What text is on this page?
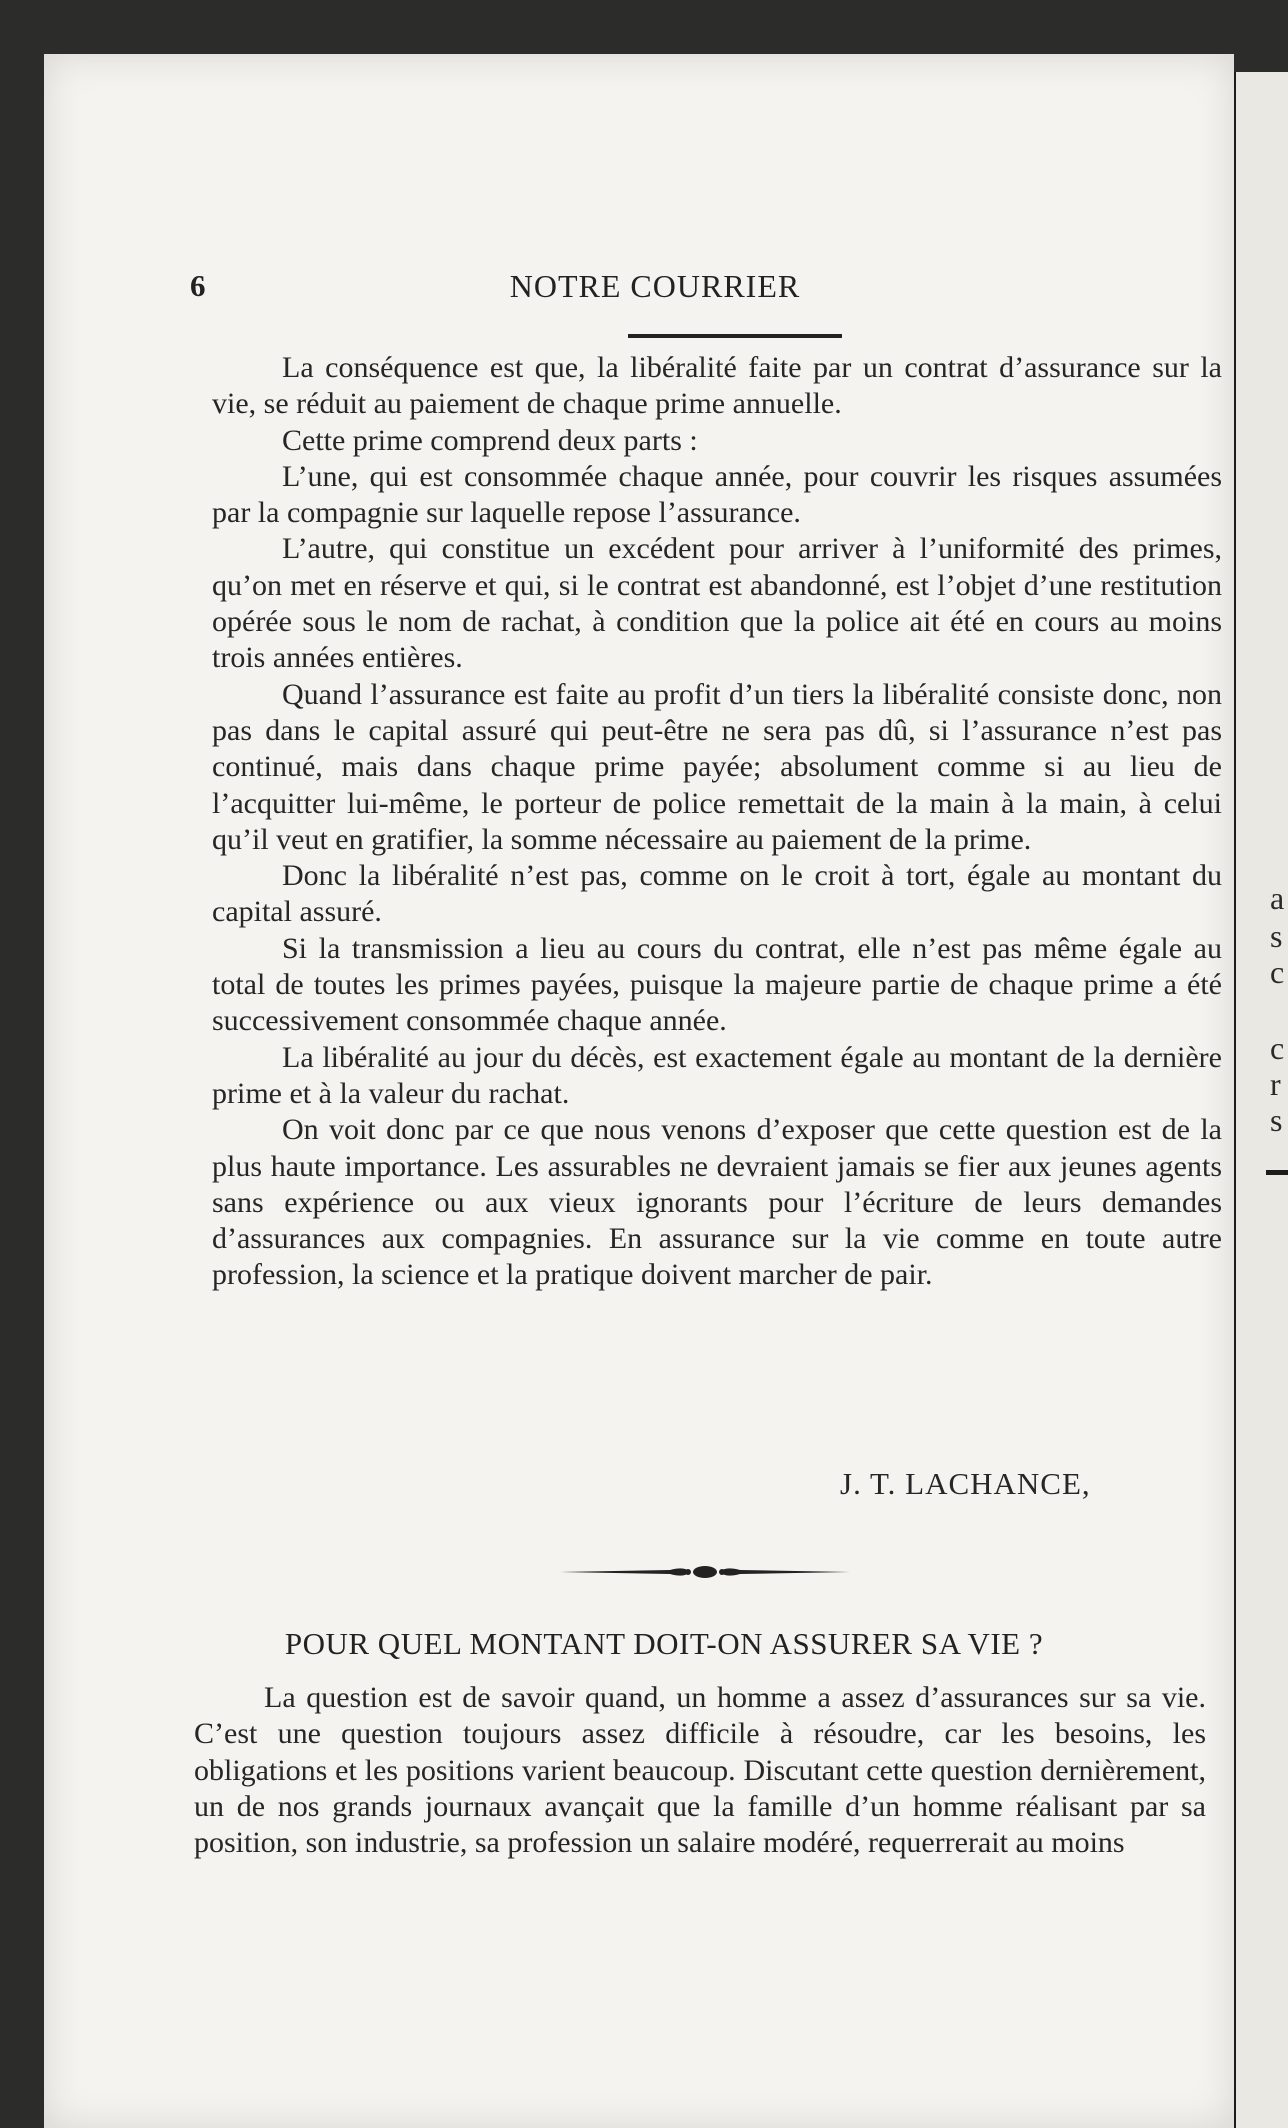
a
s
c
c
r
s
6	NOTRE COURRIER

La conséquence est que, la libéralité faite par un contrat d’assurance sur la vie, se réduit au paiement de chaque prime annuelle.

Cette prime comprend deux parts :

L’une, qui est consommée chaque année, pour couvrir les risques assumées par la compagnie sur laquelle repose l’assurance.

L’autre, qui constitue un excédent pour arriver à l’uniformité des primes, qu’on met en réserve et qui, si le contrat est abandonné, est l’objet d’une restitution opérée sous le nom de rachat, à condition que la police ait été en cours au moins trois années entières.

Quand l’assurance est faite au profit d’un tiers la libéralité consiste donc, non pas dans le capital assuré qui peut-être ne sera pas dû, si l’assurance n’est pas continué, mais dans chaque prime payée; absolument comme si au lieu de l’acquitter lui-même, le porteur de police remettait de la main à la main, à celui qu’il veut en gratifier, la somme nécessaire au paiement de la prime.

Donc la libéralité n’est pas, comme on le croit à tort, égale au montant du capital assuré.

Si la transmission a lieu au cours du contrat, elle n’est pas même égale au total de toutes les primes payées, puisque la majeure partie de chaque prime a été successivement consommée chaque année.

La libéralité au jour du décès, est exactement égale au montant de la dernière prime et à la valeur du rachat.

On voit donc par ce que nous venons d’exposer que cette question est de la plus haute importance. Les assurables ne devraient jamais se fier aux jeunes agents sans expérience ou aux vieux ignorants pour l’écriture de leurs demandes d’assurances aux compagnies. En assurance sur la vie comme en toute autre profession, la science et la pratique doivent marcher de pair.

J. T. LACHANCE,
POUR QUEL MONTANT DOIT-ON ASSURER SA VIE ?

La question est de savoir quand, un homme a assez d’assurances sur sa vie. C’est une question toujours assez difficile à résoudre, car les besoins, les obligations et les positions varient beaucoup. Discutant cette question dernièrement, un de nos grands journaux avançait que la famille d’un homme réalisant par sa position, son industrie, sa profession un salaire modéré, requerrerait au moins
